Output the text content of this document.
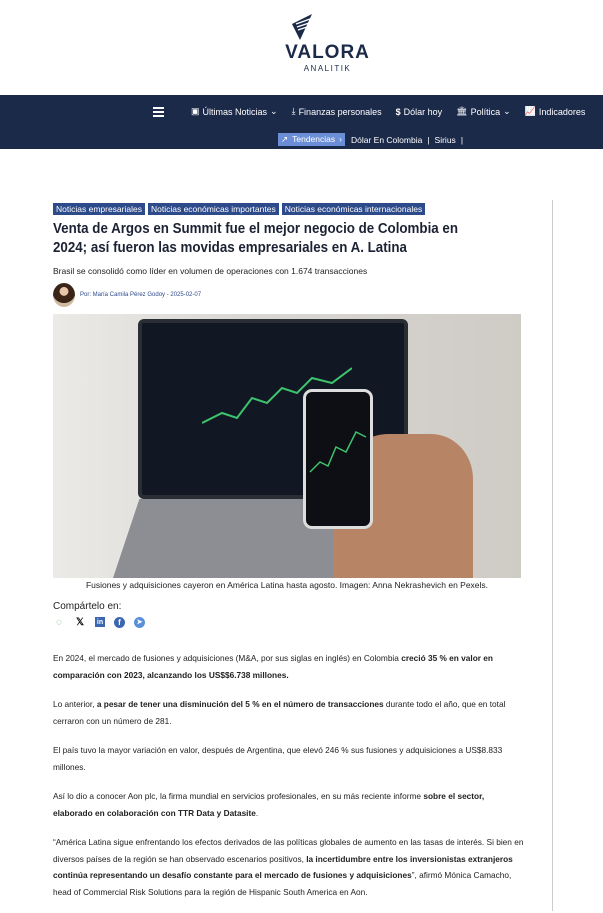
VALORA
ANALITIK
▣ Últimas Noticias ⌄ ⤓ Finanzas personales $ Dólar hoy 🏛 Política ⌄ 📈 Indicadores
↗ Tendencias › Dólar En Colombia | Sirius |
Noticias empresariales	Noticias económicas importantes	Noticias económicas internacionales
Venta de Argos en Summit fue el mejor negocio de Colombia en 2024; así fueron las movidas empresariales en A. Latina
Brasil se consolidó como líder en volumen de operaciones con 1.674 transacciones
Por: María Camila Pérez Godoy - 2025-02-07
Fusiones y adquisiciones cayeron en América Latina hasta agosto. Imagen: Anna Nekrashevich en Pexels.
Compártelo en:
◌	𝕏 in	f	➤

En 2024, el mercado de fusiones y adquisiciones (M&A, por sus siglas en inglés) en Colombia creció 35 % en valor en comparación con 2023, alcanzando los US$$6.738 millones.

Lo anterior, a pesar de tener una disminución del 5 % en el número de transacciones durante todo el año, que en total cerraron con un número de 281.

El país tuvo la mayor variación en valor, después de Argentina, que elevó 246 % sus fusiones y adquisiciones a US$8.833 millones.

Así lo dio a conocer Aon plc, la firma mundial en servicios profesionales, en su más reciente informe sobre el sector, elaborado en colaboración con TTR Data y Datasite.

“América Latina sigue enfrentando los efectos derivados de las políticas globales de aumento en las tasas de interés. Si bien en diversos países de la región se han observado escenarios positivos, la incertidumbre entre los inversionistas extranjeros continúa representando un desafío constante para el mercado de fusiones y adquisiciones”, afirmó Mónica Camacho, head of Commercial Risk Solutions para la región de Hispanic South America en Aon.
